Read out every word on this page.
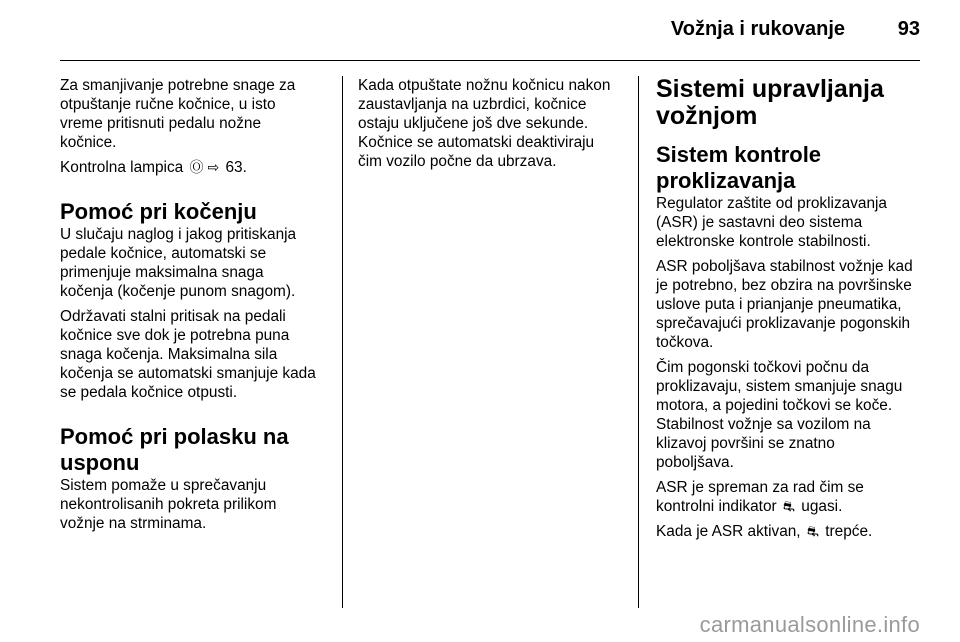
Vožnja i rukovanje	93

Za smanjivanje potrebne snage za
otpuštanje ručne kočnice, u isto
vreme pritisnuti pedalu nožne
kočnice.

Kontrolna lampica Ⓞ ⇨ 63.

Pomoć pri kočenju

U slučaju naglog i jakog pritiskanja
pedale kočnice, automatski se
primenjuje maksimalna snaga
kočenja (kočenje punom snagom).

Održavati stalni pritisak na pedali
kočnice sve dok je potrebna puna
snaga kočenja. Maksimalna sila
kočenja se automatski smanjuje kada
se pedala kočnice otpusti.

Pomoć pri polasku na
usponu

Sistem pomaže u sprečavanju
nekontrolisanih pokreta prilikom
vožnje na strminama.

Kada otpuštate nožnu kočnicu nakon
zaustavljanja na uzbrdici, kočnice
ostaju uključene još dve sekunde.
Kočnice se automatski deaktiviraju
čim vozilo počne da ubrzava.

Sistemi upravljanja
vožnjom
Sistem kontrole
proklizavanja

Regulator zaštite od proklizavanja
(ASR) je sastavni deo sistema
elektronske kontrole stabilnosti.

ASR poboljšava stabilnost vožnje kad
je potrebno, bez obzira na površinske
uslove puta i prianjanje pneumatika,
sprečavajući proklizavanje pogonskih
točkova.

Čim pogonski točkovi počnu da
proklizavaju, sistem smanjuje snagu
motora, a pojedini točkovi se koče.
Stabilnost vožnje sa vozilom na
klizavoj površini se znatno
poboljšava.

ASR je spreman za rad čim se
kontrolni indikator ⛐ ugasi.

Kada je ASR aktivan, ⛐ trepće.

carmanualsonline.info
